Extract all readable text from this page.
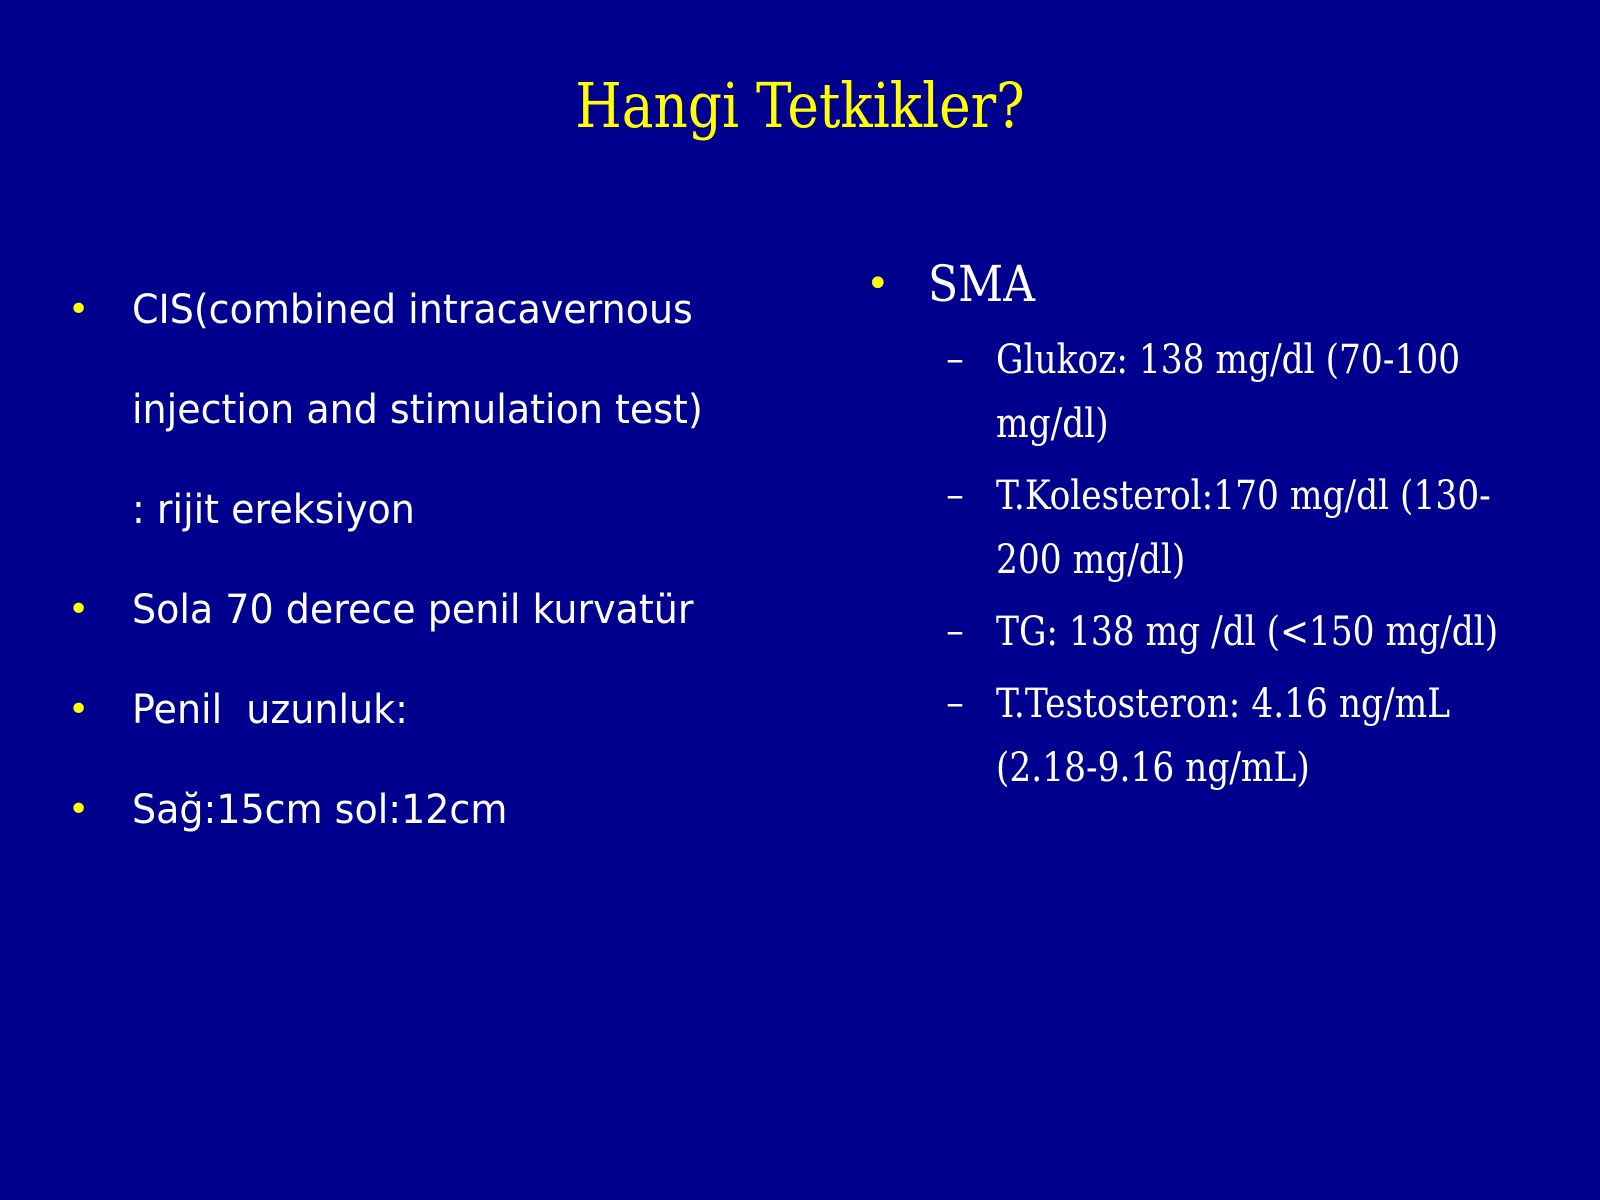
Hangi Tetkikler?
• CIS(combined intracavernous
injection and stimulation test)
: rijit ereksiyon
• Sola 70 derece penil kurvatür
• Penil  uzunluk:
• Sağ:15cm sol:12cm
• SMA
– Glukoz: 138 mg/dl (70-100
mg/dl)
– T.Kolesterol:170 mg/dl (130-
200 mg/dl)
– TG: 138 mg /dl (<150 mg/dl)
– T.Testosteron: 4.16 ng/mL
(2.18-9.16 ng/mL)
